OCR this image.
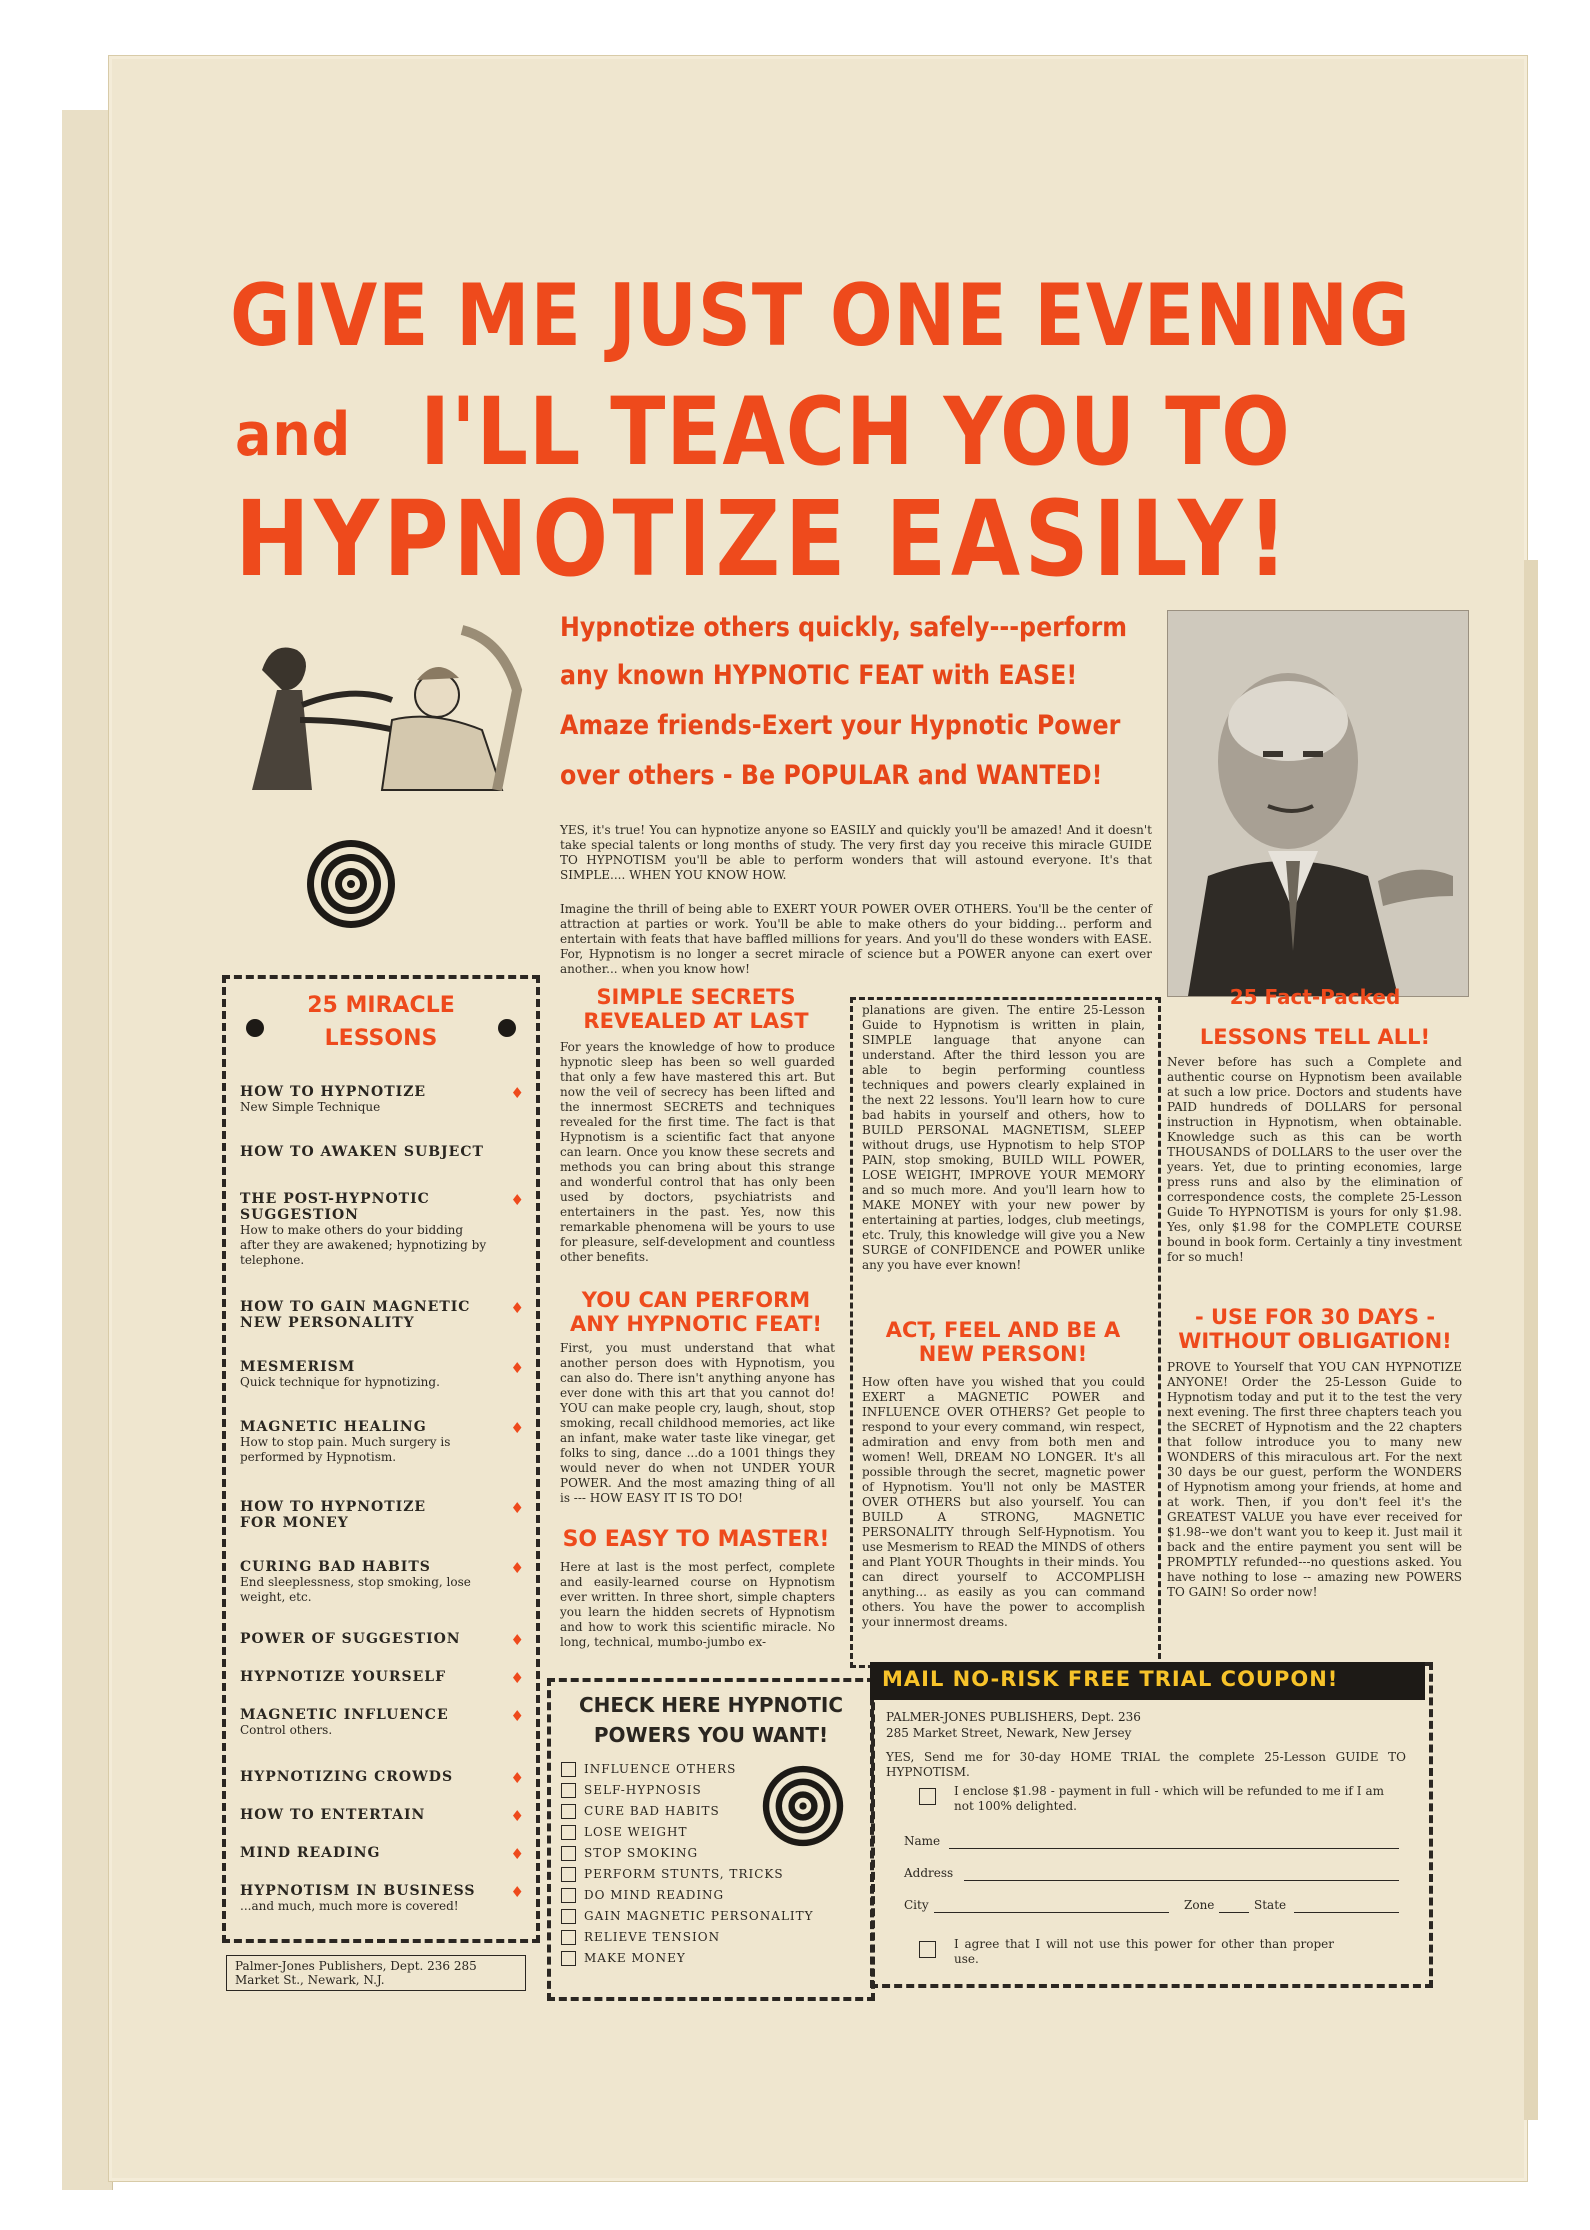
GIVE ME JUST ONE EVENING
and I'LL TEACH YOU TO
HYPNOTIZE EASILY!
Hypnotize others quickly, safely---perform
any known HYPNOTIC FEAT with EASE!
Amaze friends-Exert your Hypnotic Power
over others - Be POPULAR and WANTED!
YES, it's true! You can hypnotize anyone so EASILY and quickly you'll be amazed! And it doesn't take special talents or long months of study. The very first day you receive this miracle GUIDE TO HYPNOTISM you'll be able to perform wonders that will astound everyone. It's that SIMPLE.... WHEN YOU KNOW HOW.
Imagine the thrill of being able to EXERT YOUR POWER OVER OTHERS. You'll be the center of attraction at parties or work. You'll be able to make others do your bidding... perform and entertain with feats that have baffled millions for years. And you'll do these wonders with EASE. For, Hypnotism is no longer a secret miracle of science but a POWER anyone can exert over another... when you know how!
SIMPLE SECRETS REVEALED AT LAST
For years the knowledge of how to produce hypnotic sleep has been so well guarded that only a few have mastered this art. But now the veil of secrecy has been lifted and the innermost SECRETS and techniques revealed for the first time. The fact is that Hypnotism is a scientific fact that anyone can learn. Once you know these secrets and methods you can bring about this strange and wonderful control that has only been used by doctors, psychiatrists and entertainers in the past. Yes, now this remarkable phenomena will be yours to use for pleasure, self-development and countless other benefits.
YOU CAN PERFORM ANY HYPNOTIC FEAT!
First, you must understand that what another person does with Hypnotism, you can also do. There isn't anything anyone has ever done with this art that you cannot do! YOU can make people cry, laugh, shout, stop smoking, recall childhood memories, act like an infant, make water taste like vinegar, get folks to sing, dance ...do a 1001 things they would never do when not UNDER YOUR POWER. And the most amazing thing of all is --- HOW EASY IT IS TO DO!
SO EASY TO MASTER!
Here at last is the most perfect, complete and easily-learned course on Hypnotism ever written. In three short, simple chapters you learn the hidden secrets of Hypnotism and how to work this scientific miracle. No long, technical, mumbo-jumbo ex-
planations are given. The entire 25-Lesson Guide to Hypnotism is written in plain, SIMPLE language that anyone can understand. After the third lesson you are able to begin performing countless techniques and powers clearly explained in the next 22 lessons. You'll learn how to cure bad habits in yourself and others, how to BUILD PERSONAL MAGNETISM, SLEEP without drugs, use Hypnotism to help STOP PAIN, stop smoking, BUILD WILL POWER, LOSE WEIGHT, IMPROVE YOUR MEMORY and so much more. And you'll learn how to MAKE MONEY with your new power by entertaining at parties, lodges, club meetings, etc. Truly, this knowledge will give you a New SURGE of CONFIDENCE and POWER unlike any you have ever known!
ACT, FEEL AND BE A NEW PERSON!
How often have you wished that you could EXERT a MAGNETIC POWER and INFLUENCE OVER OTHERS? Get people to respond to your every command, win respect, admiration and envy from both men and women! Well, DREAM NO LONGER. It's all possible through the secret, magnetic power of Hypnotism. You'll not only be MASTER OVER OTHERS but also yourself. You can BUILD A STRONG, MAGNETIC PERSONALITY through Self-Hypnotism. You use Mesmerism to READ the MINDS of others and Plant YOUR Thoughts in their minds. You can direct yourself to ACCOMPLISH anything... as easily as you can command others. You have the power to accomplish your innermost dreams.
25 Fact-Packed
LESSONS TELL ALL!
Never before has such a Complete and authentic course on Hypnotism been available at such a low price. Doctors and students have PAID hundreds of DOLLARS for personal instruction in Hypnotism, when obtainable. Knowledge such as this can be worth THOUSANDS of DOLLARS to the user over the years. Yet, due to printing economies, large press runs and also by the elimination of correspondence costs, the complete 25-Lesson Guide To HYPNOTISM is yours for only $1.98. Yes, only $1.98 for the COMPLETE COURSE bound in book form. Certainly a tiny investment for so much!
- USE FOR 30 DAYS - WITHOUT OBLIGATION!
PROVE to Yourself that YOU CAN HYPNOTIZE ANYONE! Order the 25-Lesson Guide to Hypnotism today and put it to the test the very next evening. The first three chapters teach you the SECRET of Hypnotism and the 22 chapters that follow introduce you to many new WONDERS of this miraculous art. For the next 30 days be our guest, perform the WONDERS of Hypnotism among your friends, at home and at work. Then, if you don't feel it's the GREATEST VALUE you have ever received for $1.98--we don't want you to keep it. Just mail it back and the entire payment you sent will be PROMPTLY refunded---no questions asked. You have nothing to lose -- amazing new POWERS TO GAIN! So order now!
25 MIRACLE
LESSONS
HOW TO HYPNOTIZE
New Simple Technique
♦
HOW TO AWAKEN SUBJECT
THE POST-HYPNOTIC SUGGESTION
How to make others do your bidding after they are awakened; hypnotizing by telephone.
♦
HOW TO GAIN MAGNETIC NEW PERSONALITY
♦
MESMERISM
Quick technique for hypnotizing.
♦
MAGNETIC HEALING
How to stop pain. Much surgery is performed by Hypnotism.
♦
HOW TO HYPNOTIZE FOR MONEY
♦
CURING BAD HABITS
End sleeplessness, stop smoking, lose weight, etc.
♦
POWER OF SUGGESTION	♦
HYPNOTIZE YOURSELF	♦
MAGNETIC INFLUENCE
Control others.
♦
HYPNOTIZING CROWDS	♦
HOW TO ENTERTAIN	♦
MIND READING	♦
HYPNOTISM IN BUSINESS
...and much, much more is covered!
♦
Palmer-Jones Publishers, Dept. 236 285 Market St., Newark, N.J.
CHECK HERE HYPNOTIC POWERS YOU WANT!
INFLUENCE OTHERS
SELF-HYPNOSIS
CURE BAD HABITS
LOSE WEIGHT
STOP SMOKING
PERFORM STUNTS, TRICKS
DO MIND READING
GAIN MAGNETIC PERSONALITY
RELIEVE TENSION
MAKE MONEY
MAIL NO-RISK FREE TRIAL COUPON!
PALMER-JONES PUBLISHERS, Dept. 236
285 Market Street, Newark, New Jersey
YES, Send me for 30-day HOME TRIAL the complete 25-Lesson GUIDE TO HYPNOTISM.
I enclose $1.98 - payment in full - which will be refunded to me if I am not 100% delighted.
Name
Address
City	Zone	State
I agree that I will not use this power for other than proper use.
